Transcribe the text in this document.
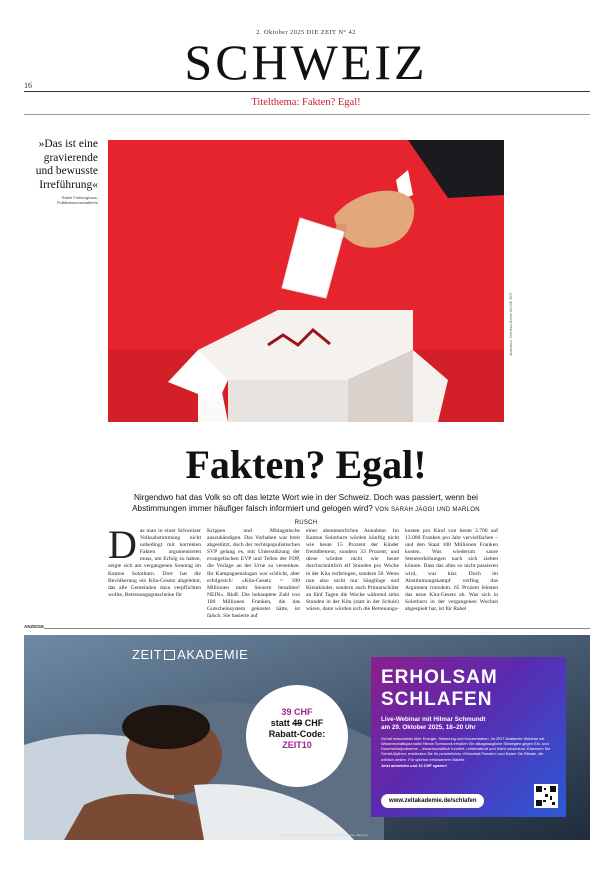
2. Oktober 2025 DIE ZEIT N° 42
SCHWEIZ
16
Titelthema: Fakten? Egal!
»Das ist eine gravierende und bewusste Irreführung«
Rahel Freiburghaus, Politikwissenschaftlerin
Illustration: Christian Dreher für DIE ZEIT
Fakten? Egal!
Nirgendwo hat das Volk so oft das letzte Wort wie in der Schweiz. Doch was passiert, wenn bei Abstimmungen immer häufiger falsch informiert und gelogen wird? VON SARAH JÄGGI UND MARLON RUSCH
D as man in einer Schweizer Volksabstimmung nicht unbedingt mit korrekten Fakten argumentieren muss, um Erfolg zu haben, zeigte sich am vergangenen Sonntag im Kanton Solothurn. Dort hat die Bevölkerung ein Kita-Gesetz abgelehnt, das alle Gemeinden dazu verpflichten wollte, Betreuungsgutscheine für
Krippen und Mittagstische auszuhändigen. Das Vorhaben war breit abgestützt, doch der rechtspopulistischen SVP gelang es, mit Unterstützung der evangelischen EVP und Teilen der FDP, die Vorlage an der Urne zu versenken. Ihr Kampagnenslogan war schlicht, aber erfolgreich: »Kita-Gesetz = 100 Millionen mehr Steuern bezahlen! NEIN«. Bloß: Die behauptete Zahl von 100 Millionen Franken, die das Gutscheinsystem gekostet hätte, ist falsch. Sie basierte auf
einer abenteuerlichen Annahme. Im Kanton Solothurn würden künftig nicht wie heute 15 Prozent der Kinder fremdbetreut, sondern 33 Prozent; und diese würden nicht wie heute durchschnittlich elf Stunden pro Woche in der Kita verbringen, sondern 50. Wenn nun also nicht nur Säuglinge und Kleinkinder, sondern auch Primarschüler an fünf Tagen die Woche während zehn Stunden in der Kita (statt in der Schule) wären, dann würden sich die Betreuungs-
kosten pro Kind von heute 3.700 auf 13.000 Franken pro Jahr vervielfachen – und den Staat 100 Millionen Franken kosten. Was wiederum saure Steuererhöhungen nach sich ziehen könnte. Dass das alles so nicht passieren wird, war klar. Doch im Abstimmungskampf verfing das Argument trotzdem. 65 Prozent lehnten das neue Kita-Gesetz ab. Was sich in Solothurn in der vergangenen Wochen abgespielt hat, ist für Rahel
ANZEIGE
ZEIT AKADEMIE
39 CHF
statt 49 CHF
Rabatt-Code:
ZEIT10
ERHOLSAM
SCHLAFEN
Live-Webinar mit Hilmar Schmundt
am 29. Oktober 2025, 18–20 Uhr
Schlaf entscheidet über Energie, Stimmung und Konzentration. Im ZEIT Akademie Webinar mit Wissenschaftsjournalist Hilmar Schmundt erhalten Sie alltagstaugliche Strategien gegen Ein- und Durchschlafprobleme – wissenschaftlich fundiert, unterhaltend und leicht umsetzbar. Erkennen Sie Schlaf-Mythen, entdecken Sie Ihr persönliches »Einschlaf-Fenster« und finden Sie Rituale, die wirklich wirken. Für spürbar erholsamere Nächte.
Jetzt anmelden und 10 CHF sparen!
www.zeitakademie.de/schlafen
Foto: iStock; Anbieter: ZEIT Akademie GmbH, Buceriusstraße, Hamburg
